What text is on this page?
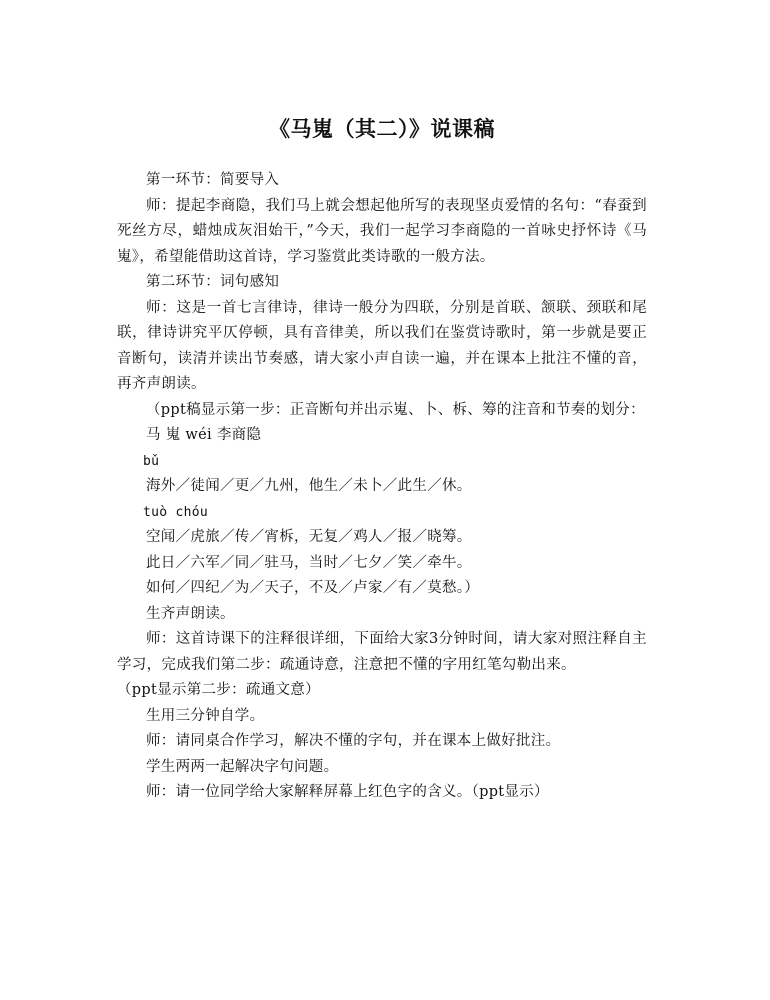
《马嵬（其二）》说课稿

第一环节：简要导入

师：提起李商隐，我们马上就会想起他所写的表现坚贞爱情的名句：“春蚕到死丝方尽，蜡烛成灰泪始干，”今天，我们一起学习李商隐的一首咏史抒怀诗《马嵬》，希望能借助这首诗，学习鉴赏此类诗歌的一般方法。

第二环节：词句感知

师：这是一首七言律诗，律诗一般分为四联，分别是首联、颔联、颈联和尾联，律诗讲究平仄停顿，具有音律美，所以我们在鉴赏诗歌时，第一步就是要正音断句，读清并读出节奏感，请大家小声自读一遍，并在课本上批注不懂的音，再齐声朗读。

（ppt稿显示第一步：正音断句并出示嵬、卜、柝、筹的注音和节奏的划分：

马 嵬 wéi 李商隐
bǔ
海外／徒闻／更／九州，他生／未卜／此生／休。
tuò chóu
空闻／虎旅／传／宵柝，无复／鸡人／报／晓筹。
此日／六军／同／驻马，当时／七夕／笑／牵牛。
如何／四纪／为／天子，不及／卢家／有／莫愁。）

生齐声朗读。

师：这首诗课下的注释很详细，下面给大家3分钟时间，请大家对照注释自主学习，完成我们第二步：疏通诗意，注意把不懂的字用红笔勾勒出来。

（ppt显示第二步：疏通文意）

生用三分钟自学。

师：请同桌合作学习，解决不懂的字句，并在课本上做好批注。

学生两两一起解决字句问题。

师：请一位同学给大家解释屏幕上红色字的含义。（ppt显示）
